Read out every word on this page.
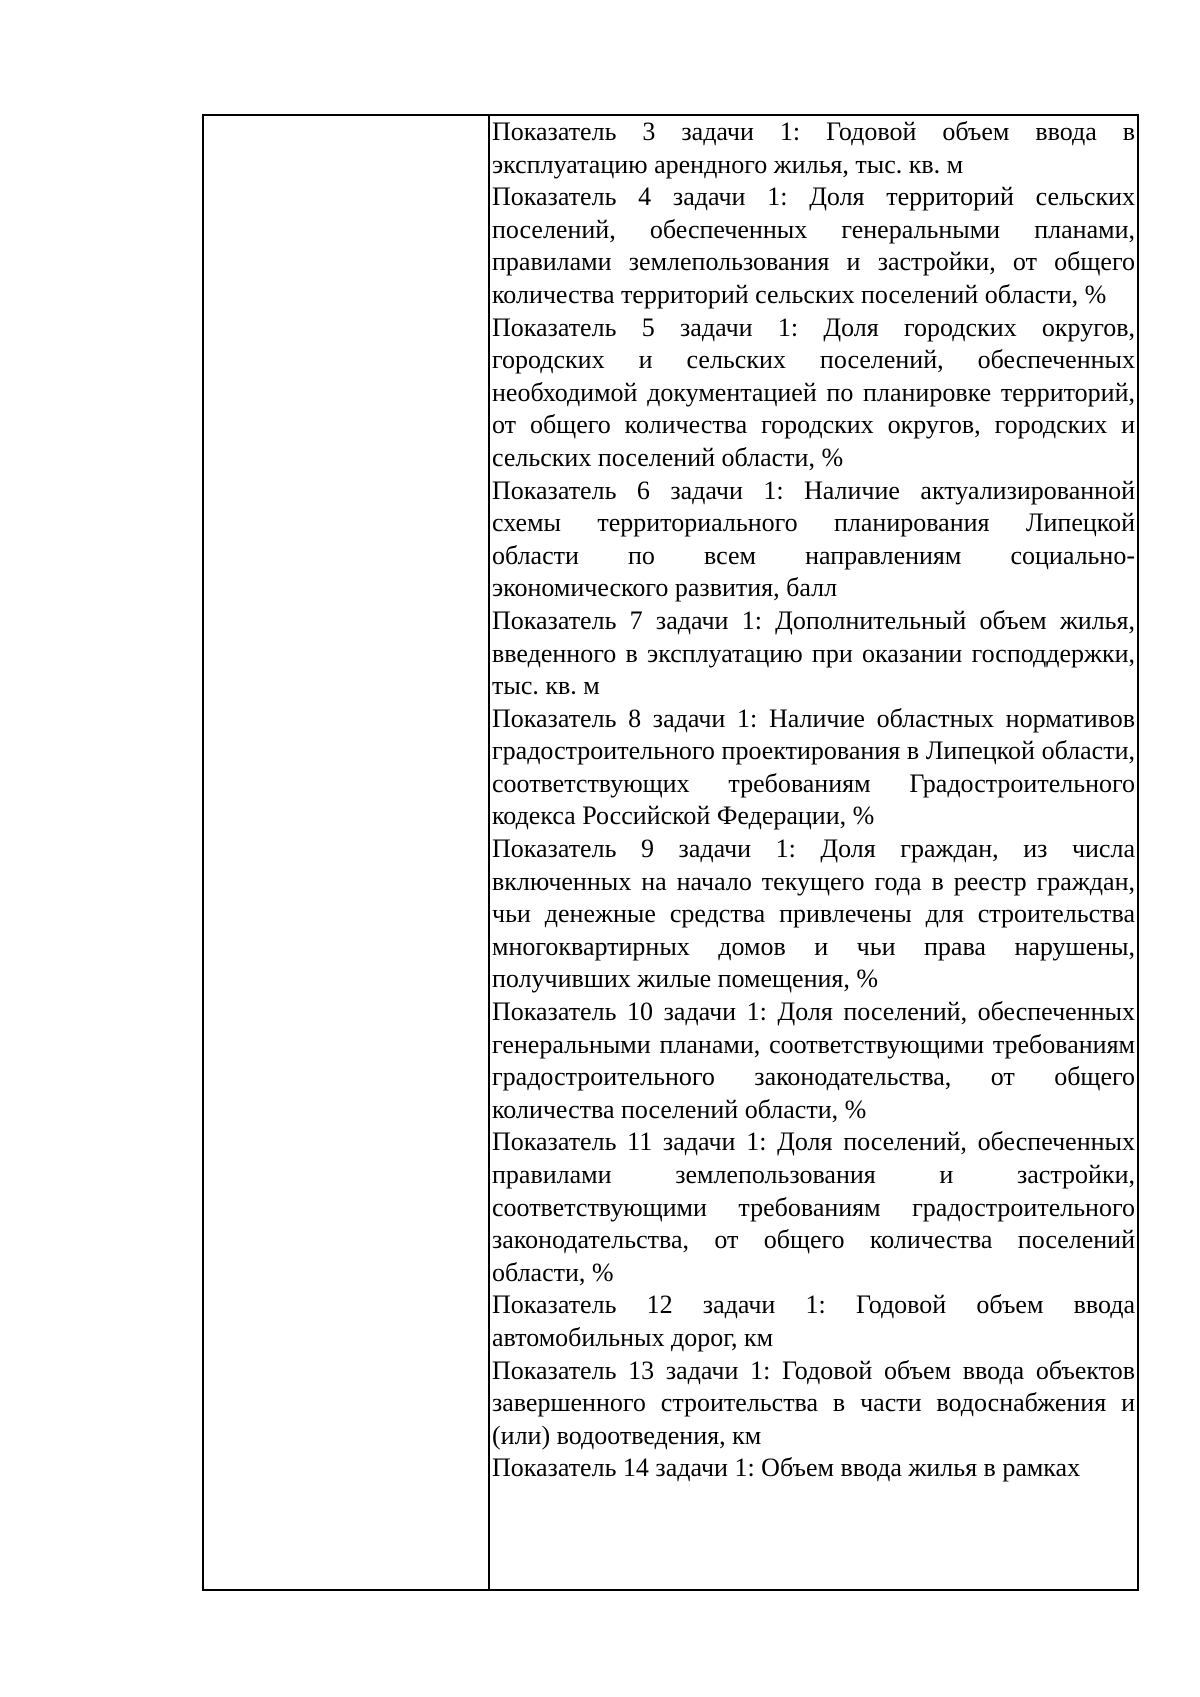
Показатель 3 задачи 1: Годовой объем ввода в эксплуатацию арендного жилья, тыс. кв. м

Показатель 4 задачи 1: Доля территорий сельских поселений, обеспеченных генеральными планами, правилами землепользования и застройки, от общего количества территорий сельских поселений области, %

Показатель 5 задачи 1: Доля городских округов, городских и сельских поселений, обеспеченных необходимой документацией по планировке территорий, от общего количества городских округов, городских и сельских поселений области, %

Показатель 6 задачи 1: Наличие актуализированной схемы территориального планирования Липецкой области по всем направлениям социально-экономического развития, балл

Показатель 7 задачи 1: Дополнительный объем жилья, введенного в эксплуатацию при оказании господдержки, тыс. кв. м

Показатель 8 задачи 1: Наличие областных нормативов градостроительного проектирования в Липецкой области, соответствующих требованиям Градостроительного кодекса Российской Федерации, %

Показатель 9 задачи 1: Доля граждан, из числа включенных на начало текущего года в реестр граждан, чьи денежные средства привлечены для строительства многоквартирных домов и чьи права нарушены, получивших жилые помещения, %

Показатель 10 задачи 1: Доля поселений, обеспеченных генеральными планами, соответствующими требованиям градостроительного законодательства, от общего количества поселений области, %

Показатель 11 задачи 1: Доля поселений, обеспеченных правилами землепользования и застройки, соответствующими требованиям градостроительного законодательства, от общего количества поселений области, %

Показатель 12 задачи 1: Годовой объем ввода автомобильных дорог, км

Показатель 13 задачи 1: Годовой объем ввода объектов завершенного строительства в части водоснабжения и (или) водоотведения, км

Показатель 14 задачи 1: Объем ввода жилья в рамках
